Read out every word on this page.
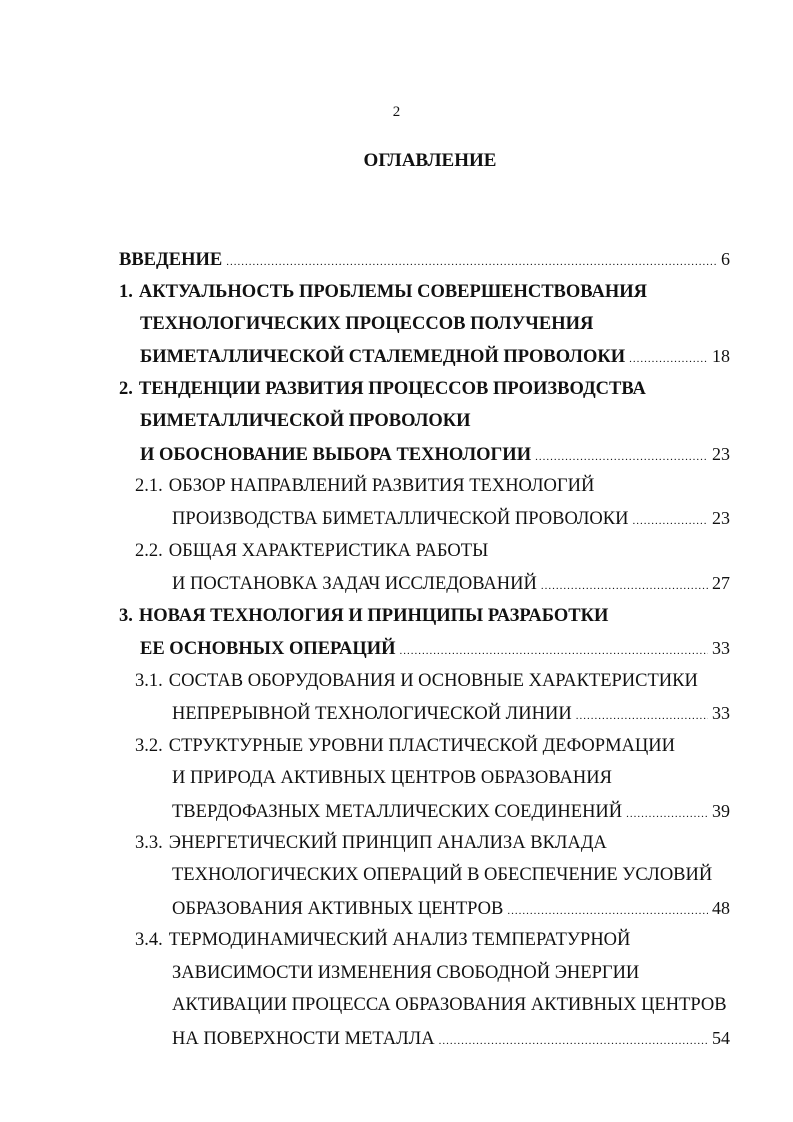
2
ОГЛАВЛЕНИЕ
ВВЕДЕНИЕ .....	6
1. АКТУАЛЬНОСТЬ ПРОБЛЕМЫ СОВЕРШЕНСТВОВАНИЯ
ТЕХНОЛОГИЧЕСКИХ ПРОЦЕССОВ ПОЛУЧЕНИЯ
БИМЕТАЛЛИЧЕСКОЙ СТАЛЕМЕДНОЙ ПРОВОЛОКИ .....	18
2. ТЕНДЕНЦИИ РАЗВИТИЯ ПРОЦЕССОВ ПРОИЗВОДСТВА
БИМЕТАЛЛИЧЕСКОЙ ПРОВОЛОКИ
И ОБОСНОВАНИЕ ВЫБОРА ТЕХНОЛОГИИ .....	23
2.1. ОБЗОР НАПРАВЛЕНИЙ РАЗВИТИЯ ТЕХНОЛОГИЙ
ПРОИЗВОДСТВА БИМЕТАЛЛИЧЕСКОЙ ПРОВОЛОКИ .....	23
2.2. ОБЩАЯ ХАРАКТЕРИСТИКА РАБОТЫ
И ПОСТАНОВКА ЗАДАЧ ИССЛЕДОВАНИЙ .....	27
3. НОВАЯ ТЕХНОЛОГИЯ И ПРИНЦИПЫ РАЗРАБОТКИ
ЕЕ ОСНОВНЫХ ОПЕРАЦИЙ .....	33
3.1. СОСТАВ ОБОРУДОВАНИЯ И ОСНОВНЫЕ ХАРАКТЕРИСТИКИ
НЕПРЕРЫВНОЙ ТЕХНОЛОГИЧЕСКОЙ ЛИНИИ .....	33
3.2. СТРУКТУРНЫЕ УРОВНИ ПЛАСТИЧЕСКОЙ ДЕФОРМАЦИИ
И ПРИРОДА АКТИВНЫХ ЦЕНТРОВ ОБРАЗОВАНИЯ
ТВЕРДОФАЗНЫХ МЕТАЛЛИЧЕСКИХ СОЕДИНЕНИЙ .....	39
3.3. ЭНЕРГЕТИЧЕСКИЙ ПРИНЦИП АНАЛИЗА ВКЛАДА
ТЕХНОЛОГИЧЕСКИХ ОПЕРАЦИЙ В ОБЕСПЕЧЕНИЕ УСЛОВИЙ
ОБРАЗОВАНИЯ АКТИВНЫХ ЦЕНТРОВ .....	48
3.4. ТЕРМОДИНАМИЧЕСКИЙ АНАЛИЗ ТЕМПЕРАТУРНОЙ
ЗАВИСИМОСТИ ИЗМЕНЕНИЯ СВОБОДНОЙ ЭНЕРГИИ
АКТИВАЦИИ ПРОЦЕССА ОБРАЗОВАНИЯ АКТИВНЫХ ЦЕНТРОВ
НА ПОВЕРХНОСТИ МЕТАЛЛА .....	54
